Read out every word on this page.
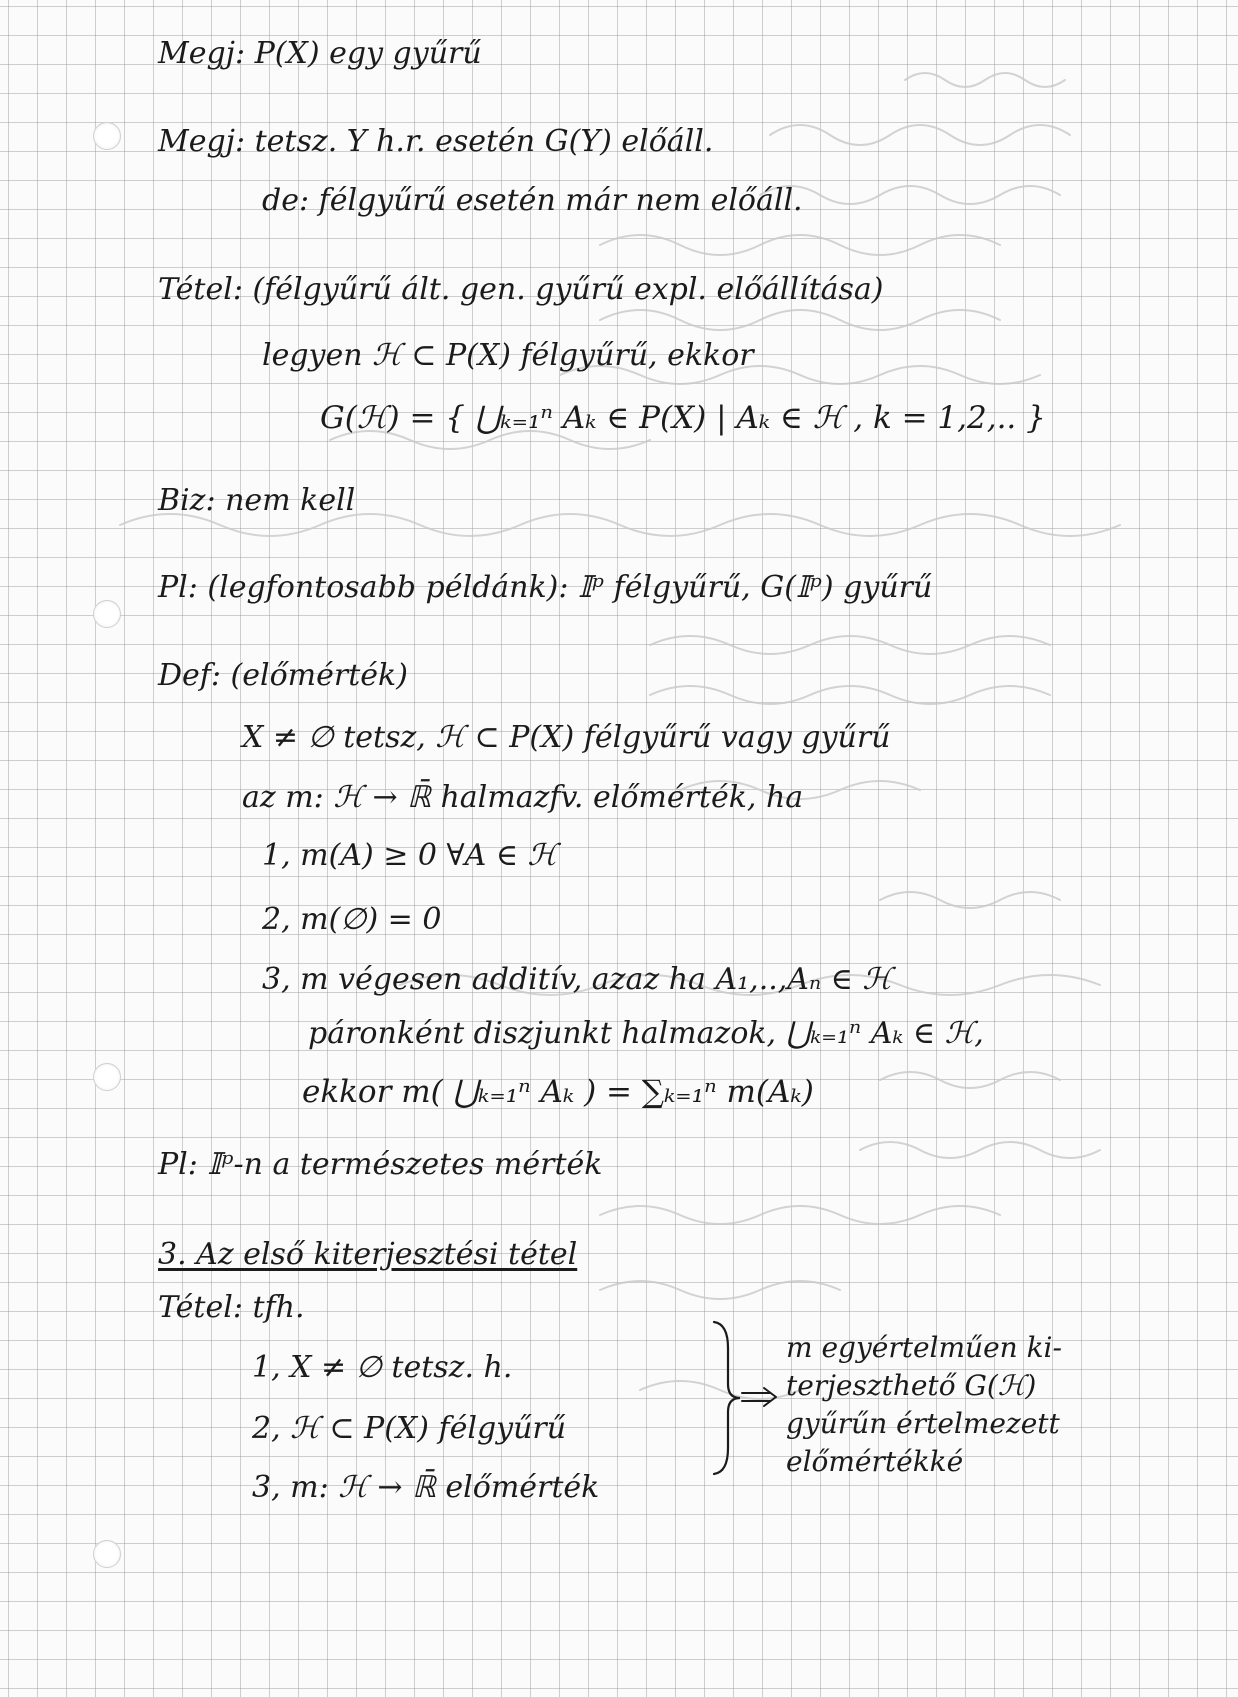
Megj: P(X) egy gyűrű
Megj: tetsz. Y h.r. esetén G(Y) előáll.
de: félgyűrű esetén már nem előáll.
Tétel: (félgyűrű ált. gen. gyűrű expl. előállítása)
legyen ℋ ⊂ P(X) félgyűrű, ekkor
G(ℋ) = { ⋃ₖ₌₁ⁿ Aₖ ∈ P(X) | Aₖ ∈ ℋ , k = 1,2,.. }
Biz: nem kell
Pl: (legfontosabb példánk): 𝕀ᵖ félgyűrű, G(𝕀ᵖ) gyűrű
Def: (előmérték)
X ≠ ∅ tetsz, ℋ ⊂ P(X) félgyűrű vagy gyűrű
az m: ℋ → ℝ̄ halmazfv. előmérték, ha
1, m(A) ≥ 0 ∀A ∈ ℋ
2, m(∅) = 0
3, m végesen additív, azaz ha A₁,..,Aₙ ∈ ℋ
páronként diszjunkt halmazok, ⋃ₖ₌₁ⁿ Aₖ ∈ ℋ,
ekkor m( ⋃ₖ₌₁ⁿ Aₖ ) = ∑ₖ₌₁ⁿ m(Aₖ)
Pl: 𝕀ᵖ-n a természetes mérték
3. Az első kiterjesztési tétel
Tétel: tfh.
1, X ≠ ∅ tetsz. h.
2, ℋ ⊂ P(X) félgyűrű
3, m: ℋ → ℝ̄ előmérték
m egyértelműen ki-
terjeszthető G(ℋ)
gyűrűn értelmezett
előmértékké
